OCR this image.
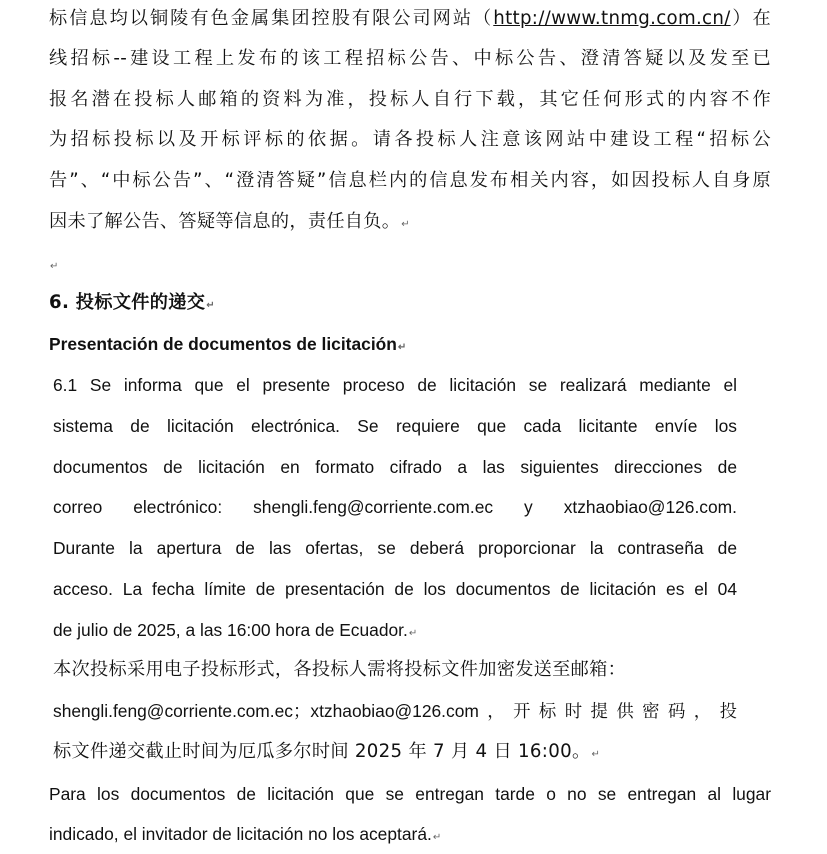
标信息均以铜陵有色金属集团控股有限公司网站（http://www.tnmg.com.cn/）在
线招标--建设工程上发布的该工程招标公告、中标公告、澄清答疑以及发至已
报名潜在投标人邮箱的资料为准，投标人自行下载，其它任何形式的内容不作
为招标投标以及开标评标的依据。请各投标人注意该网站中建设工程“招标公
告”、“中标公告”、“澄清答疑”信息栏内的信息发布相关内容，如因投标人自身原
因未了解公告、答疑等信息的，责任自负。↵
↵
6. 投标文件的递交↵
Presentación de documentos de licitación↵
6.1 Se informa que el presente proceso de licitación se realizará mediante el
sistema de licitación electrónica. Se requiere que cada licitante envíe los
documentos de licitación en formato cifrado a las siguientes direcciones de
correo electrónico: shengli.feng@corriente.com.ec y xtzhaobiao@126.com.
Durante la apertura de las ofertas, se deberá proporcionar la contraseña de
acceso. La fecha límite de presentación de los documentos de licitación es el 04
de julio de 2025, a las 16:00 hora de Ecuador.↵
本次投标采用电子投标形式，各投标人需将投标文件加密发送至邮箱：
shengli.feng@corriente.com.ec；xtzhaobiao@126.com，开标时提供密码，投
标文件递交截止时间为厄瓜多尔时间 2025 年 7 月 4 日 16:00。↵
Para los documentos de licitación que se entregan tarde o no se entregan al lugar
indicado, el invitador de licitación no los aceptará.↵
